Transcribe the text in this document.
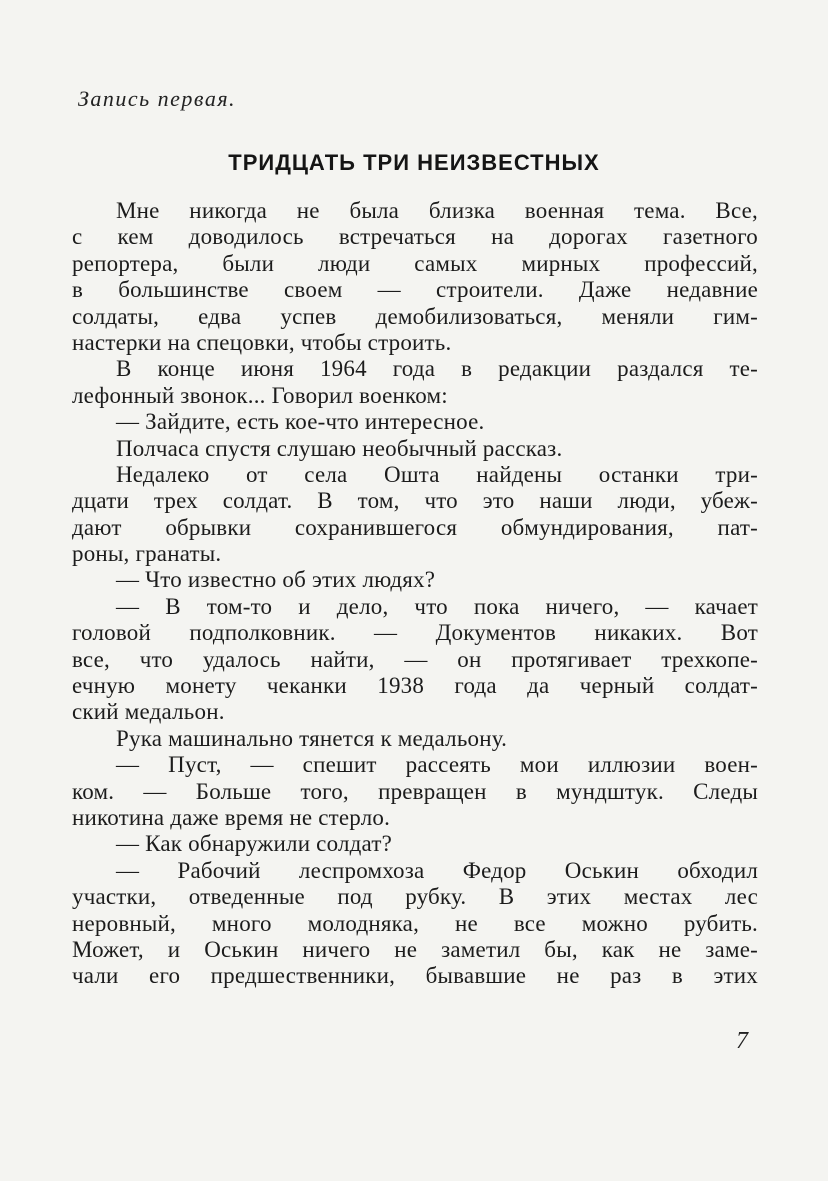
Запись первая.
ТРИДЦАТЬ ТРИ НЕИЗВЕСТНЫХ
Мне никогда не была близка военная тема. Все,
с кем доводилось встречаться на дорогах газетного
репортера, были люди самых мирных профессий,
в большинстве своем — строители. Даже недавние
солдаты, едва успев демобилизоваться, меняли гим-
настерки на спецовки, чтобы строить.
В конце июня 1964 года в редакции раздался те-
лефонный звонок... Говорил военком:
— Зайдите, есть кое-что интересное.
Полчаса спустя слушаю необычный рассказ.
Недалеко от села Ошта найдены останки три-
дцати трех солдат. В том, что это наши люди, убеж-
дают обрывки сохранившегося обмундирования, пат-
роны, гранаты.
— Что известно об этих людях?
— В том-то и дело, что пока ничего, — качает
головой подполковник. — Документов никаких. Вот
все, что удалось найти, — он протягивает трехкопе-
ечную монету чеканки 1938 года да черный солдат-
ский медальон.
Рука машинально тянется к медальону.
— Пуст, — спешит рассеять мои иллюзии воен-
ком. — Больше того, превращен в мундштук. Следы
никотина даже время не стерло.
— Как обнаружили солдат?
— Рабочий леспромхоза Федор Оськин обходил
участки, отведенные под рубку. В этих местах лес
неровный, много молодняка, не все можно рубить.
Может, и Оськин ничего не заметил бы, как не заме-
чали его предшественники, бывавшие не раз в этих
7
